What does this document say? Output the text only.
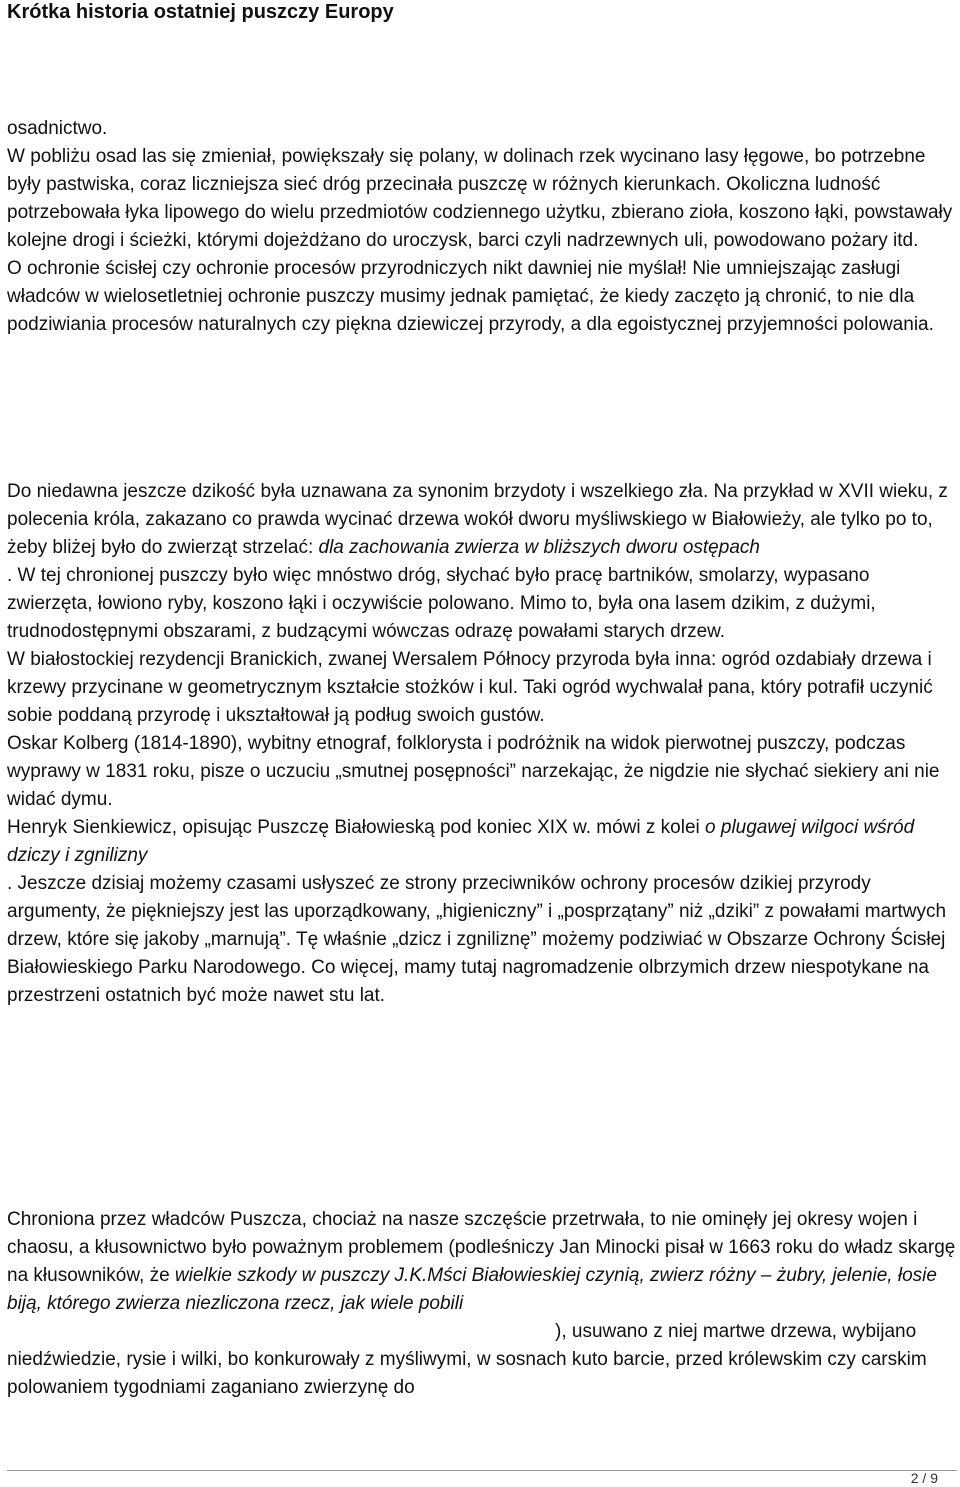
Krótka historia ostatniej puszczy Europy

osadnictwo.

W pobliżu osad las się zmieniał, powiększały się polany, w dolinach rzek wycinano lasy łęgowe, bo potrzebne były pastwiska, coraz liczniejsza sieć dróg przecinała puszczę w różnych kierunkach. Okoliczna ludność potrzebowała łyka lipowego do wielu przedmiotów codziennego użytku, zbierano zioła, koszono łąki, powstawały kolejne drogi i ścieżki, którymi dojeżdżano do uroczysk, barci czyli nadrzewnych uli, powodowano pożary itd.

O ochronie ścisłej czy ochronie procesów przyrodniczych nikt dawniej nie myślał! Nie umniejszając zasługi władców w wielosetletniej ochronie puszczy musimy jednak pamiętać, że kiedy zaczęto ją chronić, to nie dla podziwiania procesów naturalnych czy piękna dziewiczej przyrody, a dla egoistycznej przyjemności polowania.

Do niedawna jeszcze dzikość była uznawana za synonim brzydoty i wszelkiego zła. Na przykład w XVII wieku, z polecenia króla, zakazano co prawda wycinać drzewa wokół dworu myśliwskiego w Białowieży, ale tylko po to, żeby bliżej było do zwierząt strzelać: dla zachowania zwierza w bliższych dworu ostępach

. W tej chronionej puszczy było więc mnóstwo dróg, słychać było pracę bartników, smolarzy, wypasano zwierzęta, łowiono ryby, koszono łąki i oczywiście polowano. Mimo to, była ona lasem dzikim, z dużymi, trudnodostępnymi obszarami, z budzącymi wówczas odrazę powałami starych drzew.

W białostockiej rezydencji Branickich, zwanej Wersalem Północy przyroda była inna: ogród ozdabiały drzewa i krzewy przycinane w geometrycznym kształcie stożków i kul. Taki ogród wychwalał pana, który potrafił uczynić sobie poddaną przyrodę i ukształtował ją podług swoich gustów.

Oskar Kolberg (1814-1890), wybitny etnograf, folklorysta i podróżnik na widok pierwotnej puszczy, podczas wyprawy w 1831 roku, pisze o uczuciu „smutnej posępności” narzekając, że nigdzie nie słychać siekiery ani nie widać dymu.

Henryk Sienkiewicz, opisując Puszczę Białowieską pod koniec XIX w. mówi z kolei o plugawej wilgoci wśród dziczy i zgnilizny

. Jeszcze dzisiaj możemy czasami usłyszeć ze strony przeciwników ochrony procesów dzikiej przyrody argumenty, że piękniejszy jest las uporządkowany, „higieniczny” i „posprzątany” niż „dziki” z powałami martwych drzew, które się jakoby „marnują”. Tę właśnie „dzicz i zgniliznę” możemy podziwiać w Obszarze Ochrony Ścisłej Białowieskiego Parku Narodowego. Co więcej, mamy tutaj nagromadzenie olbrzymich drzew niespotykane na przestrzeni ostatnich być może nawet stu lat.

Chroniona przez władców Puszcza, chociaż na nasze szczęście przetrwała, to nie ominęły jej okresy wojen i chaosu, a kłusownictwo było poważnym problemem (podleśniczy Jan Minocki pisał w 1663 roku do władz skargę na kłusowników, że wielkie szkody w puszczy J.K.Mści Białowieskiej czynią, zwierz różny – żubry, jelenie, łosie biją, którego zwierza niezliczona rzecz, jak wiele pobili), usuwano z niej martwe drzewa, wybijano niedźwiedzie, rysie i wilki, bo konkurowały z myśliwymi, w sosnach kuto barcie, przed królewskim czy carskim polowaniem tygodniami zaganiano zwierzynę do

2 / 9
